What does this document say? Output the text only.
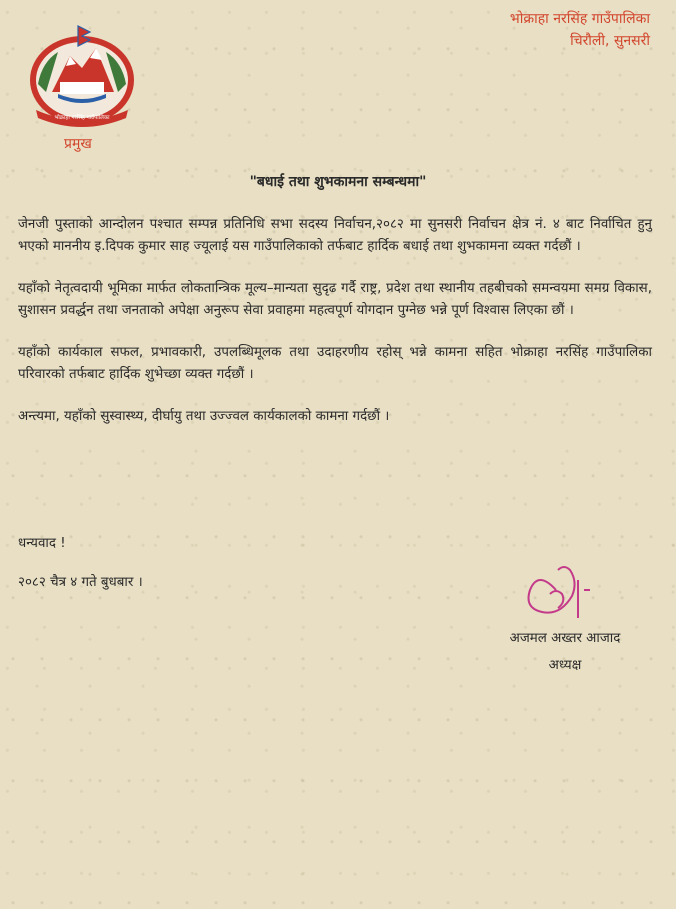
भोक्राहा नरसिंह गाउँपालिका
चिरौली, सुनसरी
भोक्राहा नरसिंह गाउँपालिका
प्रमुख
"बधाई तथा शुभकामना सम्बन्धमा"

जेनजी पुस्ताको आन्दोलन पश्चात सम्पन्न प्रतिनिधि सभा सदस्य निर्वाचन,२०८२ मा सुनसरी निर्वाचन क्षेत्र नं. ४ बाट निर्वाचित हुनु भएको माननीय इ.दिपक कुमार साह ज्यूलाई यस गाउँपालिकाको तर्फबाट हार्दिक बधाई तथा शुभकामना व्यक्त गर्दछौं ।

यहाँको नेतृत्वदायी भूमिका मार्फत लोकतान्त्रिक मूल्य–मान्यता सुदृढ गर्दै राष्ट्र, प्रदेश तथा स्थानीय तहबीचको समन्वयमा समग्र विकास, सुशासन प्रवर्द्धन तथा जनताको अपेक्षा अनुरूप सेवा प्रवाहमा महत्वपूर्ण योगदान पुग्नेछ भन्ने पूर्ण विश्वास लिएका छौं ।

यहाँको कार्यकाल सफल, प्रभावकारी, उपलब्धिमूलक तथा उदाहरणीय रहोस् भन्ने कामना सहित भोक्राहा नरसिंह गाउँपालिका परिवारको तर्फबाट हार्दिक शुभेच्छा व्यक्त गर्दछौं ।

अन्त्यमा, यहाँको सुस्वास्थ्य, दीर्घायु तथा उज्ज्वल कार्यकालको कामना गर्दछौं ।

धन्यवाद !
२०८२ चैत्र ४ गते बुधबार ।
अजमल अख्तर आजाद
अध्यक्ष
